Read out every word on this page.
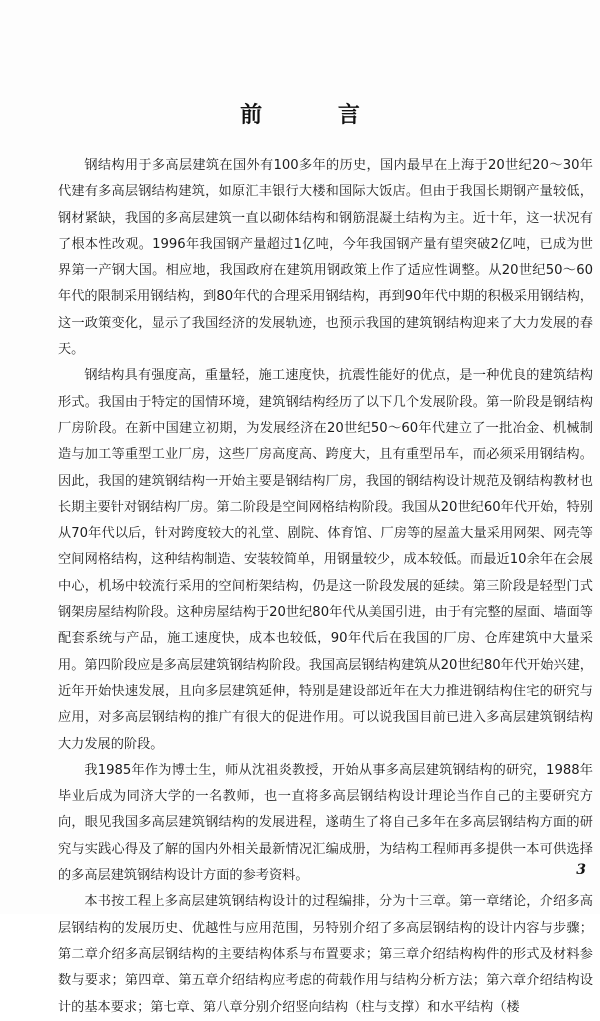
前 言

钢结构用于多高层建筑在国外有100多年的历史，国内最早在上海于20世纪20～30年代建有多高层钢结构建筑，如原汇丰银行大楼和国际大饭店。但由于我国长期钢产量较低，钢材紧缺，我国的多高层建筑一直以砌体结构和钢筋混凝土结构为主。近十年，这一状况有了根本性改观。1996年我国钢产量超过1亿吨，今年我国钢产量有望突破2亿吨，已成为世界第一产钢大国。相应地，我国政府在建筑用钢政策上作了适应性调整。从20世纪50～60年代的限制采用钢结构，到80年代的合理采用钢结构，再到90年代中期的积极采用钢结构，这一政策变化，显示了我国经济的发展轨迹，也预示我国的建筑钢结构迎来了大力发展的春天。

钢结构具有强度高，重量轻，施工速度快，抗震性能好的优点，是一种优良的建筑结构形式。我国由于特定的国情环境，建筑钢结构经历了以下几个发展阶段。第一阶段是钢结构厂房阶段。在新中国建立初期，为发展经济在20世纪50～60年代建立了一批冶金、机械制造与加工等重型工业厂房，这些厂房高度高、跨度大，且有重型吊车，而必须采用钢结构。因此，我国的建筑钢结构一开始主要是钢结构厂房，我国的钢结构设计规范及钢结构教材也长期主要针对钢结构厂房。第二阶段是空间网格结构阶段。我国从20世纪60年代开始，特别从70年代以后，针对跨度较大的礼堂、剧院、体育馆、厂房等的屋盖大量采用网架、网壳等空间网格结构，这种结构制造、安装较简单，用钢量较少，成本较低。而最近10余年在会展中心，机场中较流行采用的空间桁架结构，仍是这一阶段发展的延续。第三阶段是轻型门式钢架房屋结构阶段。这种房屋结构于20世纪80年代从美国引进，由于有完整的屋面、墙面等配套系统与产品，施工速度快，成本也较低，90年代后在我国的厂房、仓库建筑中大量采用。第四阶段应是多高层建筑钢结构阶段。我国高层钢结构建筑从20世纪80年代开始兴建，近年开始快速发展，且向多层建筑延伸，特别是建设部近年在大力推进钢结构住宅的研究与应用，对多高层钢结构的推广有很大的促进作用。可以说我国目前已进入多高层建筑钢结构大力发展的阶段。

我1985年作为博士生，师从沈祖炎教授，开始从事多高层建筑钢结构的研究，1988年毕业后成为同济大学的一名教师，也一直将多高层钢结构设计理论当作自己的主要研究方向，眼见我国多高层建筑钢结构的发展进程，遂萌生了将自己多年在多高层钢结构方面的研究与实践心得及了解的国内外相关最新情况汇编成册，为结构工程师再多提供一本可供选择的多高层建筑钢结构设计方面的参考资料。

本书按工程上多高层建筑钢结构设计的过程编排，分为十三章。第一章绪论，介绍多高层钢结构的发展历史、优越性与应用范围，另特别介绍了多高层钢结构的设计内容与步骤；第二章介绍多高层钢结构的主要结构体系与布置要求；第三章介绍结构构件的形式及材料参数与要求；第四章、第五章介绍结构应考虑的荷载作用与结构分析方法；第六章介绍结构设计的基本要求；第七章、第八章分别介绍竖向结构（柱与支撑）和水平结构（楼

3
